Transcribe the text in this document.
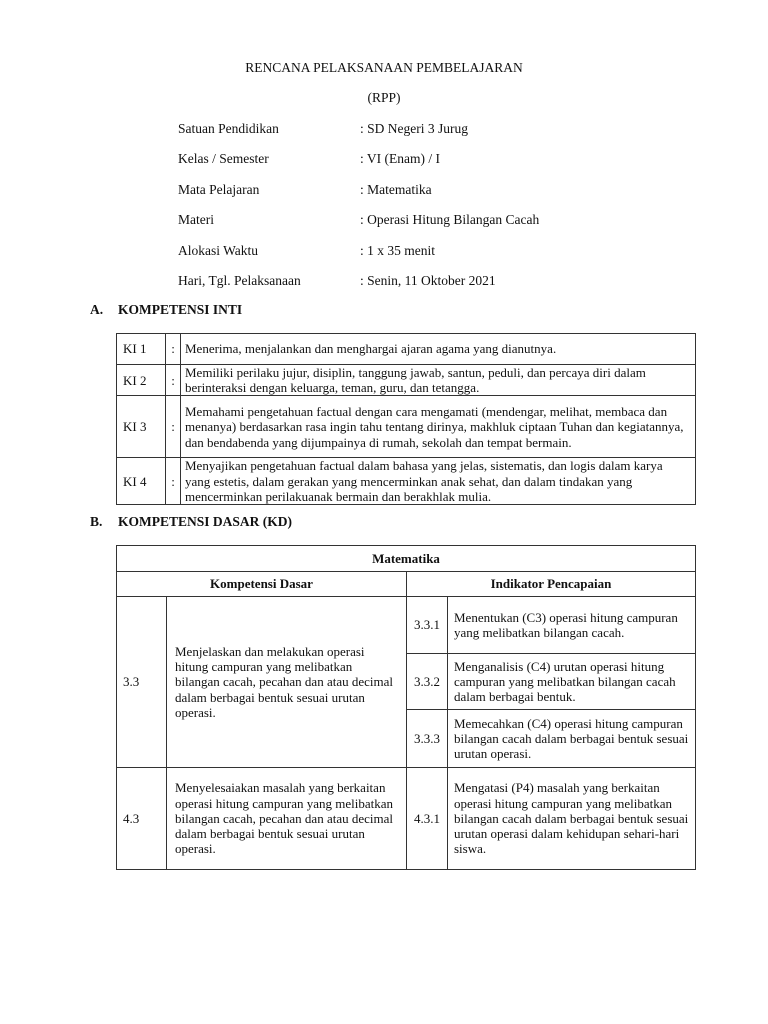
RENCANA PELAKSANAAN PEMBELAJARAN
(RPP)
Satuan Pendidikan	: SD Negeri 3 Jurug
Kelas / Semester	: VI (Enam) / I
Mata Pelajaran	: Matematika
Materi	: Operasi Hitung Bilangan Cacah
Alokasi Waktu	: 1 x 35 menit
Hari, Tgl. Pelaksanaan	: Senin, 11 Oktober 2021
A. KOMPETENSI INTI
KI 1	:	Menerima, menjalankan dan menghargai ajaran agama yang dianutnya.
KI 2	:	Memiliki perilaku jujur, disiplin, tanggung jawab, santun, peduli, dan percaya diri dalam berinteraksi dengan keluarga, teman, guru, dan tetangga.
KI 3	:	Memahami pengetahuan factual dengan cara mengamati (mendengar, melihat, membaca dan menanya) berdasarkan rasa ingin tahu tentang dirinya, makhluk ciptaan Tuhan dan kegiatannya, dan bendabenda yang dijumpainya di rumah, sekolah dan tempat bermain.
KI 4	:	Menyajikan pengetahuan factual dalam bahasa yang jelas, sistematis, dan logis dalam karya yang estetis, dalam gerakan yang mencerminkan anak sehat, dan dalam tindakan yang mencerminkan perilakuanak bermain dan berakhlak mulia.
B. KOMPETENSI DASAR (KD)
Matematika			
Kompetensi Dasar		Indikator Pencapaian	
3.3	Menjelaskan dan melakukan operasi hitung campuran yang melibatkan bilangan cacah, pecahan dan atau decimal dalam berbagai bentuk sesuai urutan operasi.	3.3.1	Menentukan (C3) operasi hitung campuran yang melibatkan bilangan cacah.
		3.3.2	Menganalisis (C4) urutan operasi hitung campuran yang melibatkan bilangan cacah dalam berbagai bentuk.
		3.3.3	Memecahkan (C4) operasi hitung campuran bilangan cacah dalam berbagai bentuk sesuai urutan operasi.
4.3	Menyelesaiakan masalah yang berkaitan operasi hitung campuran yang melibatkan bilangan cacah, pecahan dan atau decimal dalam berbagai bentuk sesuai urutan operasi.	4.3.1	Mengatasi (P4) masalah yang berkaitan operasi hitung campuran yang melibatkan bilangan cacah dalam berbagai bentuk sesuai urutan operasi dalam kehidupan sehari-hari siswa.
